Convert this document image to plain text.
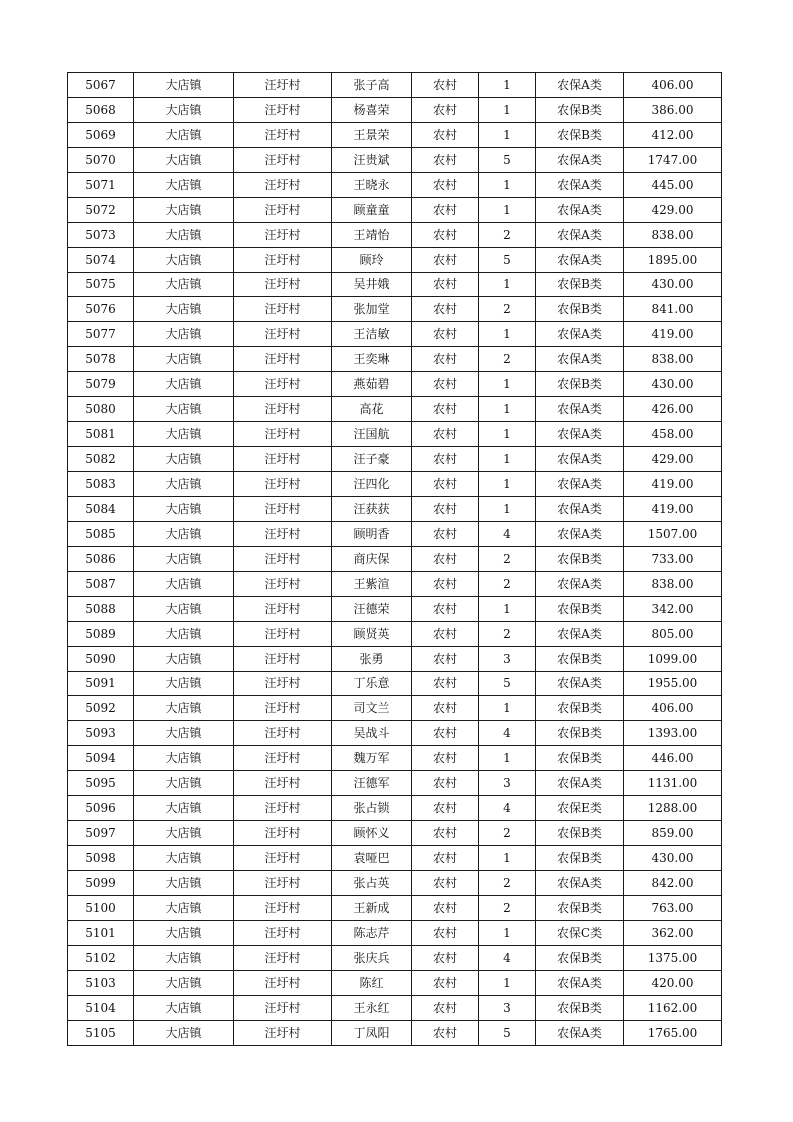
5067	大店镇	汪圩村	张子高	农村	1	农保A类	406.00
5068	大店镇	汪圩村	杨喜荣	农村	1	农保B类	386.00
5069	大店镇	汪圩村	王景荣	农村	1	农保B类	412.00
5070	大店镇	汪圩村	汪贵斌	农村	5	农保A类	1747.00
5071	大店镇	汪圩村	王晓永	农村	1	农保A类	445.00
5072	大店镇	汪圩村	顾童童	农村	1	农保A类	429.00
5073	大店镇	汪圩村	王靖怡	农村	2	农保A类	838.00
5074	大店镇	汪圩村	顾玲	农村	5	农保A类	1895.00
5075	大店镇	汪圩村	吴井娥	农村	1	农保B类	430.00
5076	大店镇	汪圩村	张加堂	农村	2	农保B类	841.00
5077	大店镇	汪圩村	王洁敏	农村	1	农保A类	419.00
5078	大店镇	汪圩村	王奕琳	农村	2	农保A类	838.00
5079	大店镇	汪圩村	燕茹碧	农村	1	农保B类	430.00
5080	大店镇	汪圩村	高花	农村	1	农保A类	426.00
5081	大店镇	汪圩村	汪国航	农村	1	农保A类	458.00
5082	大店镇	汪圩村	汪子豪	农村	1	农保A类	429.00
5083	大店镇	汪圩村	汪四化	农村	1	农保A类	419.00
5084	大店镇	汪圩村	汪获获	农村	1	农保A类	419.00
5085	大店镇	汪圩村	顾明香	农村	4	农保A类	1507.00
5086	大店镇	汪圩村	商庆保	农村	2	农保B类	733.00
5087	大店镇	汪圩村	王紫渲	农村	2	农保A类	838.00
5088	大店镇	汪圩村	汪德荣	农村	1	农保B类	342.00
5089	大店镇	汪圩村	顾贤英	农村	2	农保A类	805.00
5090	大店镇	汪圩村	张勇	农村	3	农保B类	1099.00
5091	大店镇	汪圩村	丁乐意	农村	5	农保A类	1955.00
5092	大店镇	汪圩村	司文兰	农村	1	农保B类	406.00
5093	大店镇	汪圩村	吴战斗	农村	4	农保B类	1393.00
5094	大店镇	汪圩村	魏万军	农村	1	农保B类	446.00
5095	大店镇	汪圩村	汪德军	农村	3	农保A类	1131.00
5096	大店镇	汪圩村	张占锁	农村	4	农保E类	1288.00
5097	大店镇	汪圩村	顾怀义	农村	2	农保B类	859.00
5098	大店镇	汪圩村	袁哑巴	农村	1	农保B类	430.00
5099	大店镇	汪圩村	张占英	农村	2	农保A类	842.00
5100	大店镇	汪圩村	王新成	农村	2	农保B类	763.00
5101	大店镇	汪圩村	陈志芹	农村	1	农保C类	362.00
5102	大店镇	汪圩村	张庆兵	农村	4	农保B类	1375.00
5103	大店镇	汪圩村	陈红	农村	1	农保A类	420.00
5104	大店镇	汪圩村	王永红	农村	3	农保B类	1162.00
5105	大店镇	汪圩村	丁凤阳	农村	5	农保A类	1765.00
